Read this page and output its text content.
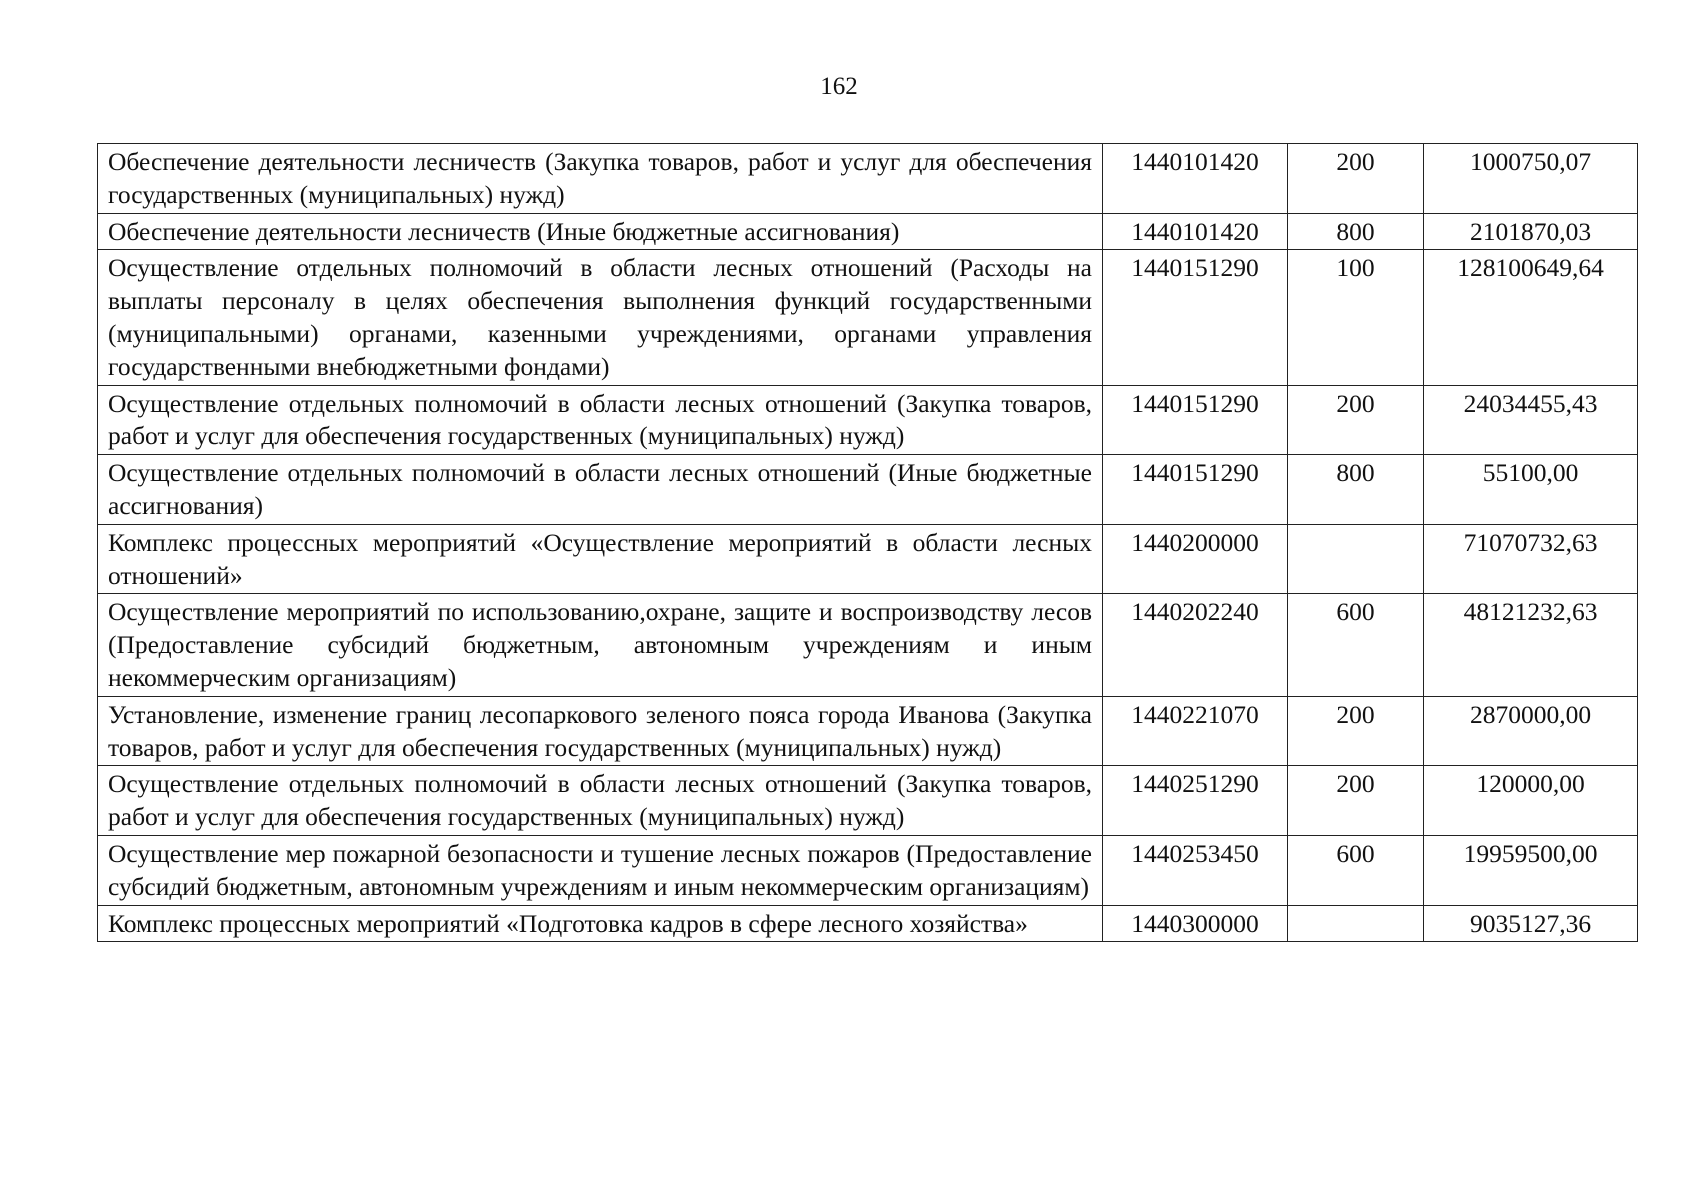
162
Обеспечение деятельности лесничеств (Закупка товаров, работ и услуг для обеспечения государственных (муниципальных) нужд)	1440101420	200	1000750,07
Обеспечение деятельности лесничеств (Иные бюджетные ассигнования)	1440101420	800	2101870,03
Осуществление отдельных полномочий в области лесных отношений (Расходы на выплаты персоналу в целях обеспечения выполнения функций государственными (муниципальными) органами, казенными учреждениями, органами управления государственными внебюджетными фондами)	1440151290	100	128100649,64
Осуществление отдельных полномочий в области лесных отношений (Закупка товаров, работ и услуг для обеспечения государственных (муниципальных) нужд)	1440151290	200	24034455,43
Осуществление отдельных полномочий в области лесных отношений (Иные бюджетные ассигнования)	1440151290	800	55100,00
Комплекс процессных мероприятий «Осуществление мероприятий в области лесных отношений»	1440200000		71070732,63
Осуществление мероприятий по использованию,охране, защите и воспроизводству лесов (Предоставление субсидий бюджетным, автономным учреждениям и иным некоммерческим организациям)	1440202240	600	48121232,63
Установление, изменение границ лесопаркового зеленого пояса города Иванова (Закупка товаров, работ и услуг для обеспечения государственных (муниципальных) нужд)	1440221070	200	2870000,00
Осуществление отдельных полномочий в области лесных отношений (Закупка товаров, работ и услуг для обеспечения государственных (муниципальных) нужд)	1440251290	200	120000,00
Осуществление мер пожарной безопасности и тушение лесных пожаров (Предоставление субсидий бюджетным, автономным учреждениям и иным некоммерческим организациям)	1440253450	600	19959500,00
Комплекс процессных мероприятий «Подготовка кадров в сфере лесного хозяйства»	1440300000		9035127,36
